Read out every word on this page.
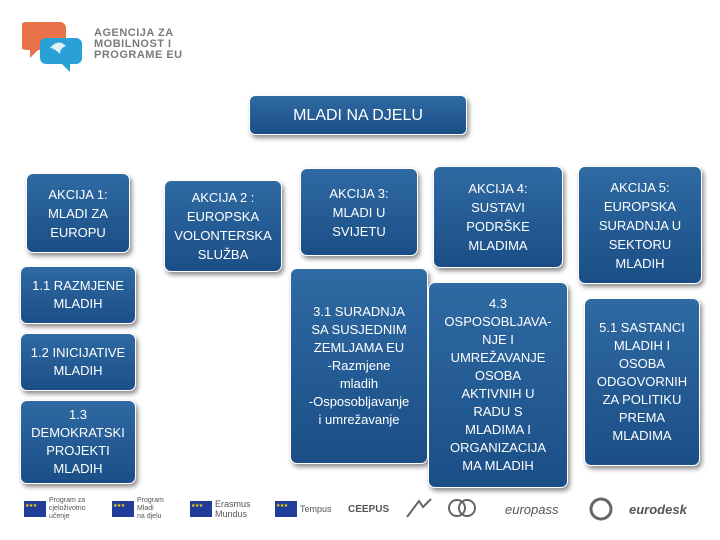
AGENCIJA ZA
MOBILNOST I
PROGRAME EU
MLADI NA DJELU
AKCIJA 1:
MLADI ZA
EUROPU
1.1 RAZMJENE
MLADIH
1.2 INICIJATIVE
MLADIH
1.3
DEMOKRATSKI
PROJEKTI
MLADIH
AKCIJA 2 :
EUROPSKA
VOLONTERSKA
SLUŽBA
AKCIJA 3:
MLADI U
SVIJETU
3.1 SURADNJA
SA SUSJEDNIM
ZEMLJAMA EU
-Razmjene
mladih
-Osposobljavanje
i umrežavanje
AKCIJA 4:
SUSTAVI
PODRŠKE
MLADIMA
4.3
OSPOSOBLJAVA-
NJE I
UMREŽAVANJE
OSOBA
AKTIVNIH U
RADU S
MLADIMA I
ORGANIZACIJA
MA MLADIH
AKCIJA 5:
EUROPSKA
SURADNJA U
SEKTORU
MLADIH
5.1 SASTANCI
MLADIH I
OSOBA
ODGOVORNIH
ZA POLITIKU
PREMA
MLADIMA
★ ★ ★
Program za
cjeloživotno
učenje
★ ★ ★
Program
Mladi
na djelu
★ ★ ★
Erasmus
Mundus
★ ★ ★	Tempus CEEPUS	europass	eurodesk
